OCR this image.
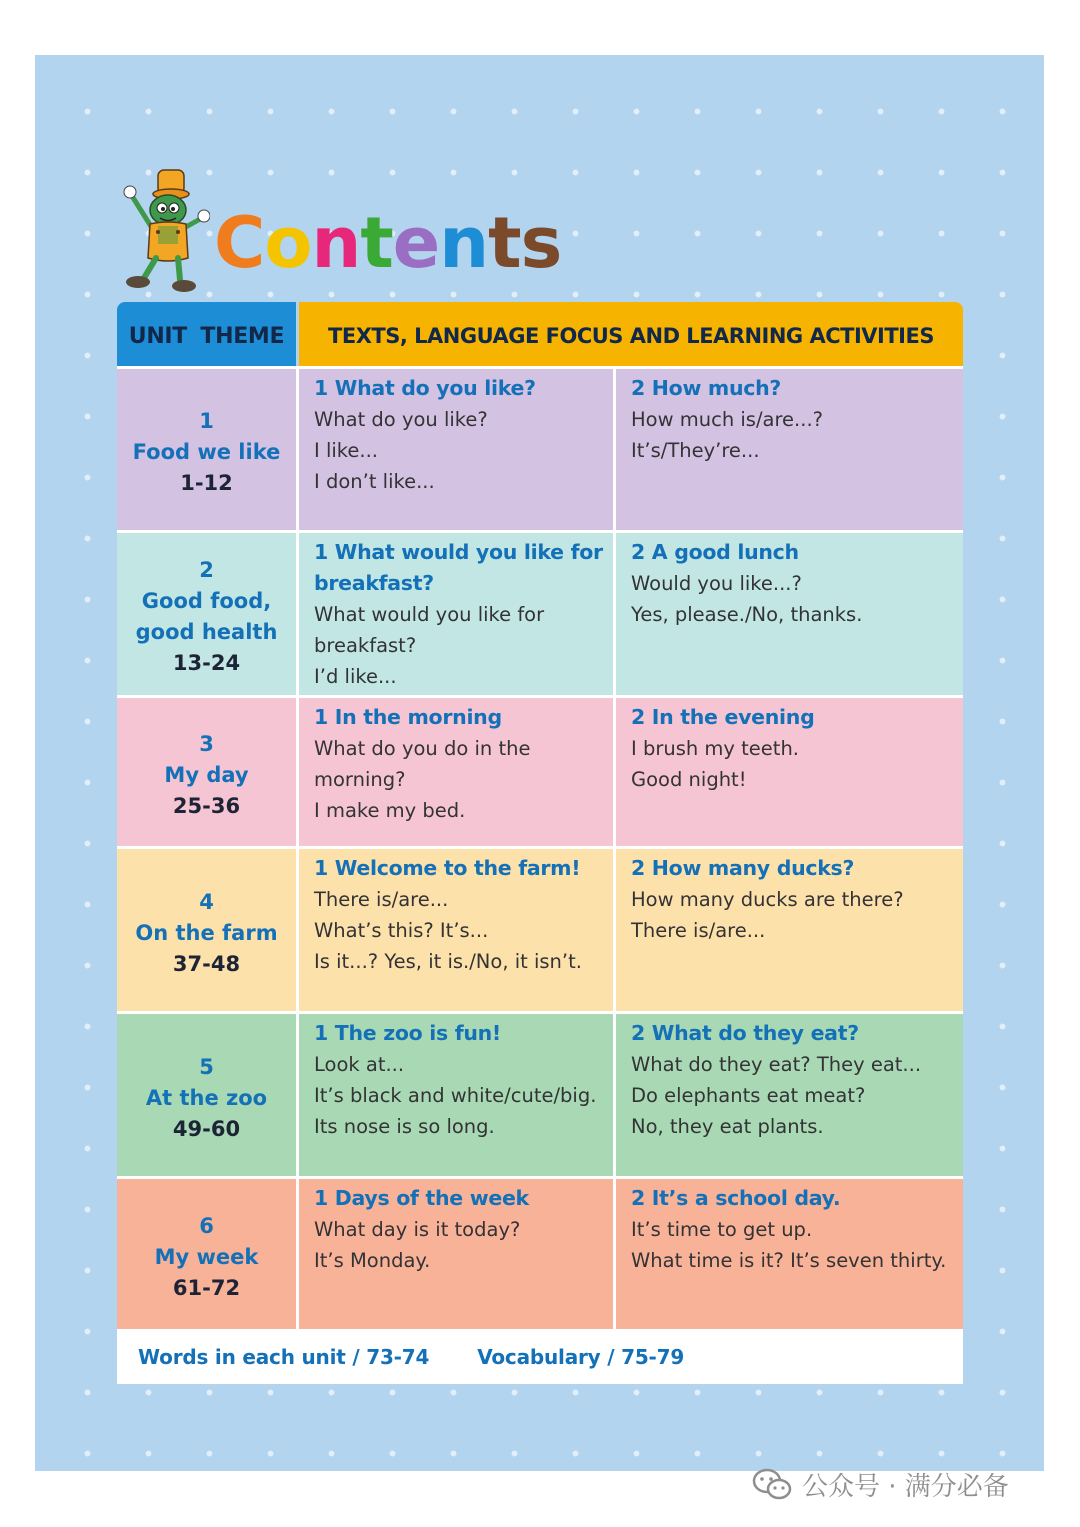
Contents
UNIT THEME	TEXTS, LANGUAGE FOCUS AND LEARNING ACTIVITIES
1
Food we like
1-12
1 What do you like?
What do you like?
I like...
I don’t like...
2 How much?
How much is/are...?
It’s/They’re...
2
Good food,
good health
13-24
1 What would you like for breakfast?
What would you like for breakfast?
I’d like...
2 A good lunch
Would you like...?
Yes, please./No, thanks.
3
My day
25-36
1 In the morning
What do you do in the morning?
I make my bed.
2 In the evening
I brush my teeth.
Good night!
4
On the farm
37-48
1 Welcome to the farm!
There is/are...
What’s this? It’s...
Is it...? Yes, it is./No, it isn’t.
2 How many ducks?
How many ducks are there?
There is/are...
5
At the zoo
49-60
1 The zoo is fun!
Look at...
It’s black and white/cute/big.
Its nose is so long.
2 What do they eat?
What do they eat? They eat...
Do elephants eat meat?
No, they eat plants.
6
My week
61-72
1 Days of the week
What day is it today?
It’s Monday.
2 It’s a school day.
It’s time to get up.
What time is it? It’s seven thirty.
Words in each unit / 73-74 Vocabulary / 75-79
公众号 · 满分必备
